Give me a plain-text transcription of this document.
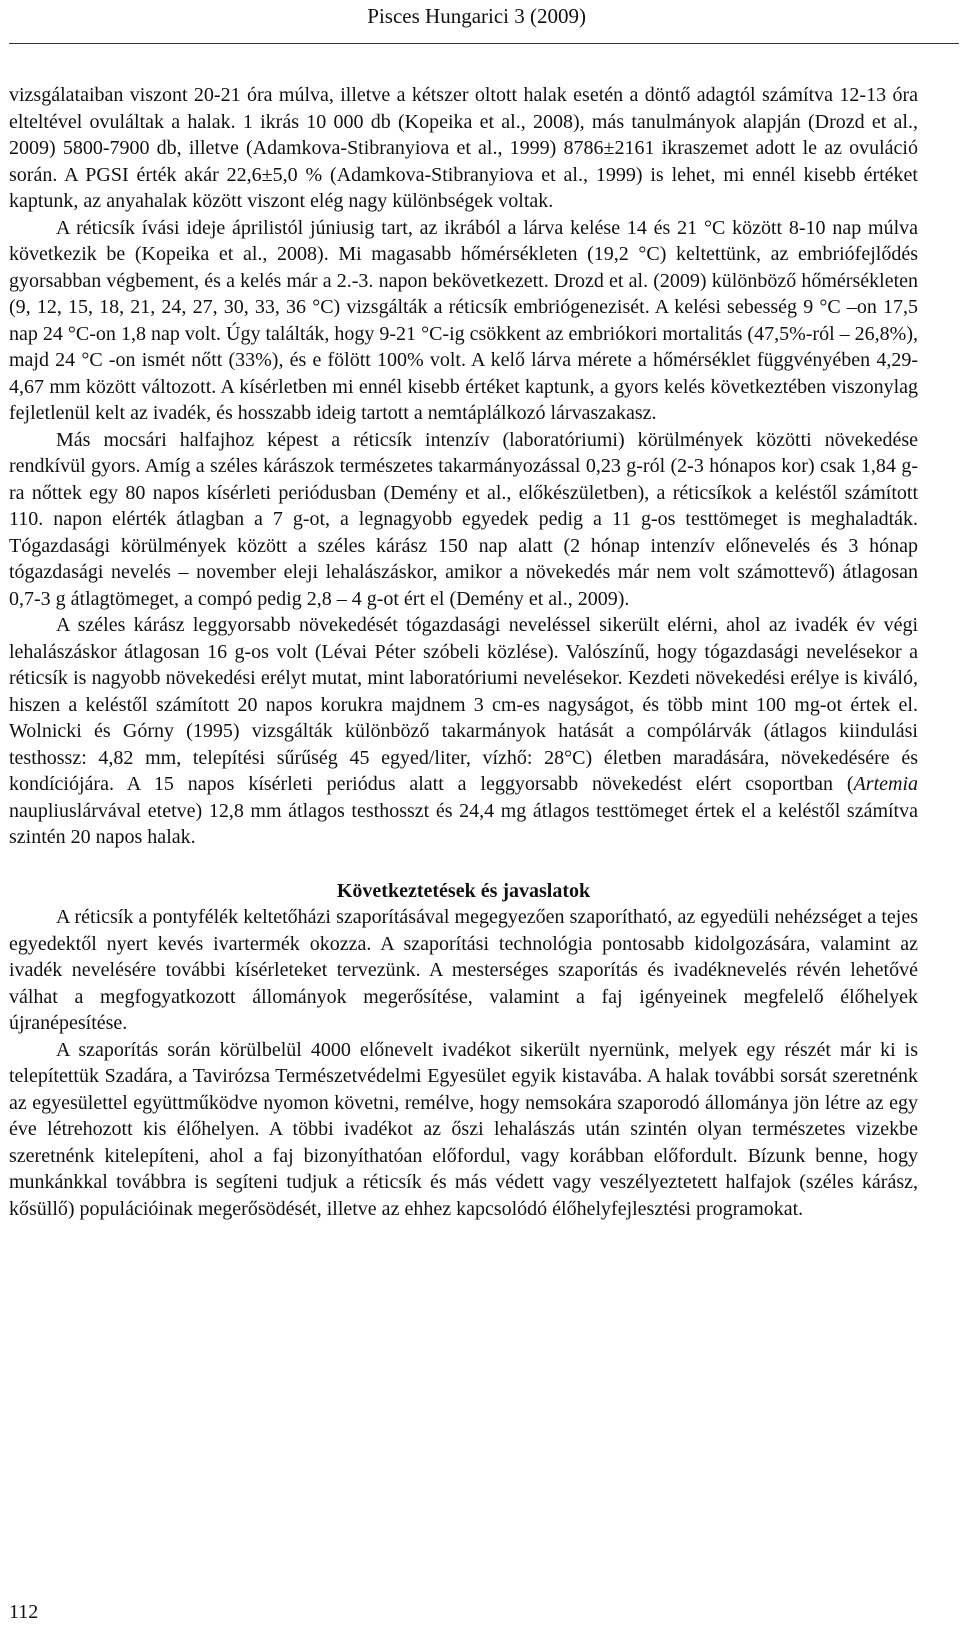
Pisces Hungarici 3 (2009)

vizsgálataiban viszont 20-21 óra múlva, illetve a kétszer oltott halak esetén a döntő adagtól számítva 12-13 óra elteltével ovuláltak a halak. 1 ikrás 10 000 db (Kopeika et al., 2008), más tanulmányok alapján (Drozd et al., 2009) 5800-7900 db, illetve (Adamkova-Stibranyiova et al., 1999) 8786±2161 ikraszemet adott le az ovuláció során. A PGSI érték akár 22,6±5,0 % (Adamkova-Stibranyiova et al., 1999) is lehet, mi ennél kisebb értéket kaptunk, az anyahalak között viszont elég nagy különbségek voltak.

A réticsík ívási ideje áprilistól júniusig tart, az ikrából a lárva kelése 14 és 21 °C között 8-10 nap múlva következik be (Kopeika et al., 2008). Mi magasabb hőmérsékleten (19,2 °C) keltettünk, az embriófejlődés gyorsabban végbement, és a kelés már a 2.-3. napon bekövetkezett. Drozd et al. (2009) különböző hőmérsékleten (9, 12, 15, 18, 21, 24, 27, 30, 33, 36 °C) vizsgálták a réticsík embriógenezisét. A kelési sebesség 9 °C –on 17,5 nap 24 °C-on 1,8 nap volt. Úgy találták, hogy 9-21 °C-ig csökkent az embriókori mortalitás (47,5%-ról – 26,8%), majd 24 °C -on ismét nőtt (33%), és e fölött 100% volt. A kelő lárva mérete a hőmérséklet függvényében 4,29-4,67 mm között változott. A kísérletben mi ennél kisebb értéket kaptunk, a gyors kelés következtében viszonylag fejletlenül kelt az ivadék, és hosszabb ideig tartott a nemtáplálkozó lárvaszakasz.

Más mocsári halfajhoz képest a réticsík intenzív (laboratóriumi) körülmények közötti növekedése rendkívül gyors. Amíg a széles kárászok természetes takarmányozással 0,23 g-ról (2-3 hónapos kor) csak 1,84 g-ra nőttek egy 80 napos kísérleti periódusban (Demény et al., előkészületben), a réticsíkok a keléstől számított 110. napon elérték átlagban a 7 g-ot, a legnagyobb egyedek pedig a 11 g-os testtömeget is meghaladták. Tógazdasági körülmények között a széles kárász 150 nap alatt (2 hónap intenzív előnevelés és 3 hónap tógazdasági nevelés – november eleji lehalászáskor, amikor a növekedés már nem volt számottevő) átlagosan 0,7-3 g átlagtömeget, a compó pedig 2,8 – 4 g-ot ért el (Demény et al., 2009).

A széles kárász leggyorsabb növekedését tógazdasági neveléssel sikerült elérni, ahol az ivadék év végi lehalászáskor átlagosan 16 g-os volt (Lévai Péter szóbeli közlése). Valószínű, hogy tógazdasági nevelésekor a réticsík is nagyobb növekedési erélyt mutat, mint laboratóriumi nevelésekor. Kezdeti növekedési erélye is kiváló, hiszen a keléstől számított 20 napos korukra majdnem 3 cm-es nagyságot, és több mint 100 mg-ot értek el. Wolnicki és Górny (1995) vizsgálták különböző takarmányok hatását a compólárvák (átlagos kiindulási testhossz: 4,82 mm, telepítési sűrűség 45 egyed/liter, vízhő: 28°C) életben maradására, növekedésére és kondíciójára. A 15 napos kísérleti periódus alatt a leggyorsabb növekedést elért csoportban (Artemia naupliuslárvával etetve) 12,8 mm átlagos testhosszt és 24,4 mg átlagos testtömeget értek el a keléstől számítva szintén 20 napos halak.

Következtetések és javaslatok

A réticsík a pontyfélék keltetőházi szaporításával megegyezően szaporítható, az egyedüli nehézséget a tejes egyedektől nyert kevés ivartermék okozza. A szaporítási technológia pontosabb kidolgozására, valamint az ivadék nevelésére további kísérleteket tervezünk. A mesterséges szaporítás és ivadéknevelés révén lehetővé válhat a megfogyatkozott állományok megerősítése, valamint a faj igényeinek megfelelő élőhelyek újranépesítése.

A szaporítás során körülbelül 4000 előnevelt ivadékot sikerült nyernünk, melyek egy részét már ki is telepítettük Szadára, a Tavirózsa Természetvédelmi Egyesület egyik kistavába. A halak további sorsát szeretnénk az egyesülettel együttműködve nyomon követni, remélve, hogy nemsokára szaporodó állománya jön létre az egy éve létrehozott kis élőhelyen. A többi ivadékot az őszi lehalászás után szintén olyan természetes vizekbe szeretnénk kitelepíteni, ahol a faj bizonyíthatóan előfordul, vagy korábban előfordult. Bízunk benne, hogy munkánkkal továbbra is segíteni tudjuk a réticsík és más védett vagy veszélyeztetett halfajok (széles kárász, kősüllő) populációinak megerősödését, illetve az ehhez kapcsolódó élőhelyfejlesztési programokat.

112
